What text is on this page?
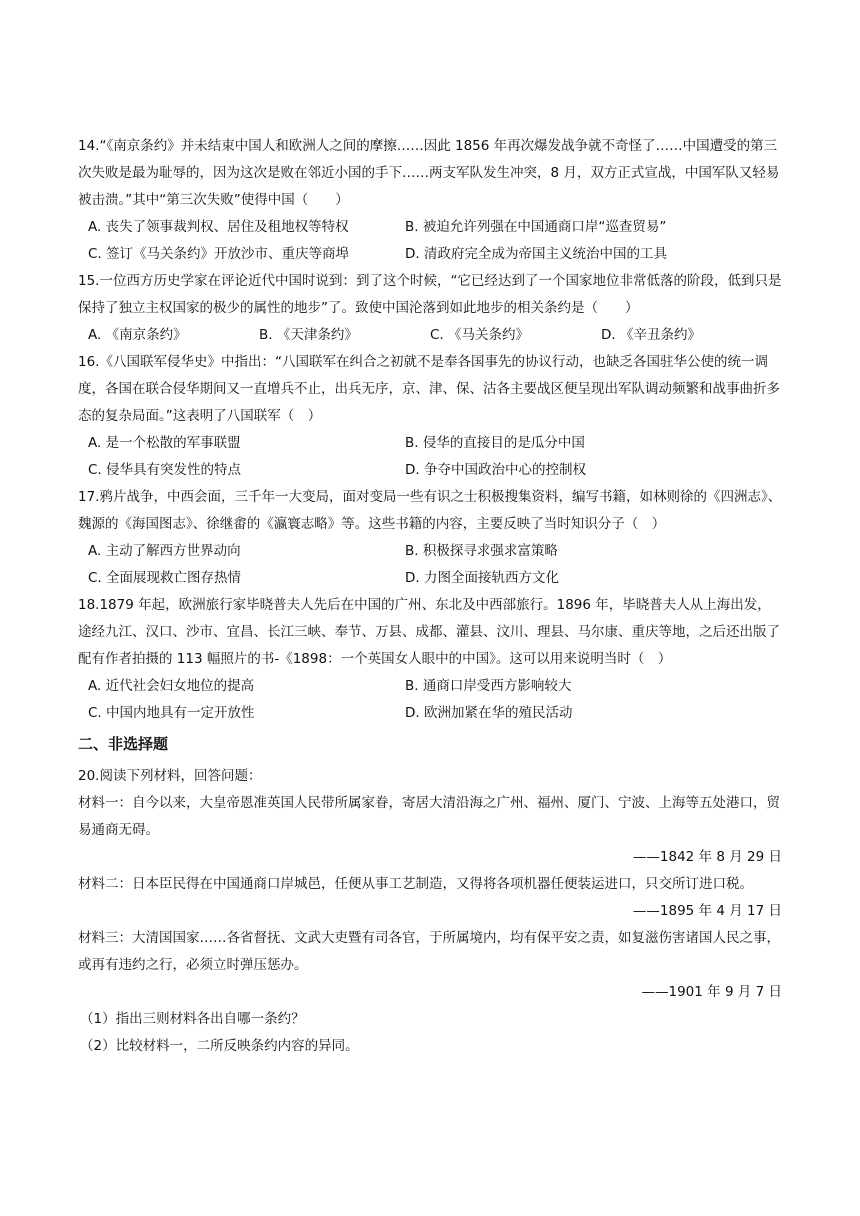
14.“《南京条约》并未结束中国人和欧洲人之间的摩擦……因此 1856 年再次爆发战争就不奇怪了……中国遭受的第三次失败是最为耻辱的，因为这次是败在邻近小国的手下……两支军队发生冲突，8 月，双方正式宣战，中国军队又轻易被击溃。”其中“第三次失败”使得中国（　　）

A. 丧失了领事裁判权、居住及租地权等特权	B. 被迫允许列强在中国通商口岸“巡查贸易”
C. 签订《马关条约》开放沙市、重庆等商埠	D. 清政府完全成为帝国主义统治中国的工具

15.一位西方历史学家在评论近代中国时说到：到了这个时候，“它已经达到了一个国家地位非常低落的阶段，低到只是保持了独立主权国家的极少的属性的地步”了。致使中国沦落到如此地步的相关条约是（　　）

A. 《南京条约》	B. 《天津条约》	C. 《马关条约》	D. 《辛丑条约》

16.《八国联军侵华史》中指出：“八国联军在纠合之初就不是奉各国事先的协议行动，也缺乏各国驻华公使的统一调度，各国在联合侵华期间又一直增兵不止，出兵无序，京、津、保、沽各主要战区便呈现出军队调动频繁和战事曲折多态的复杂局面。”这表明了八国联军（　）

A. 是一个松散的军事联盟	B. 侵华的直接目的是瓜分中国
C. 侵华具有突发性的特点	D. 争夺中国政治中心的控制权

17.鸦片战争，中西会面，三千年一大变局，面对变局一些有识之士积极搜集资料，编写书籍，如林则徐的《四洲志》、魏源的《海国图志》、徐继畬的《瀛寰志略》等。这些书籍的内容，主要反映了当时知识分子（　）

A. 主动了解西方世界动向	B. 积极探寻求强求富策略
C. 全面展现救亡图存热情	D. 力图全面接轨西方文化

18.1879 年起，欧洲旅行家毕晓普夫人先后在中国的广州、东北及中西部旅行。1896 年，毕晓普夫人从上海出发，途经九江、汉口、沙市、宜昌、长江三峡、奉节、万县、成都、灌县、汶川、理县、马尔康、重庆等地，之后还出版了配有作者拍摄的 113 幅照片的书-《1898：一个英国女人眼中的中国》。这可以用来说明当时（　）

A. 近代社会妇女地位的提高	B. 通商口岸受西方影响较大
C. 中国内地具有一定开放性	D. 欧洲加紧在华的殖民活动
二、非选择题

20.阅读下列材料，回答问题：

材料一：自今以来，大皇帝恩准英国人民带所属家眷，寄居大清沿海之广州、福州、厦门、宁波、上海等五处港口，贸易通商无碍。

——1842 年 8 月 29 日

材料二：日本臣民得在中国通商口岸城邑，任便从事工艺制造，又得将各项机器任便装运进口，只交所订进口税。

——1895 年 4 月 17 日

材料三：大清国国家……各省督抚、文武大吏暨有司各官，于所属境内，均有保平安之责，如复滋伤害诸国人民之事，或再有违约之行，必须立时弹压惩办。

——1901 年 9 月 7 日
（1）指出三则材料各出自哪一条约？
（2）比较材料一，二所反映条约内容的异同。
